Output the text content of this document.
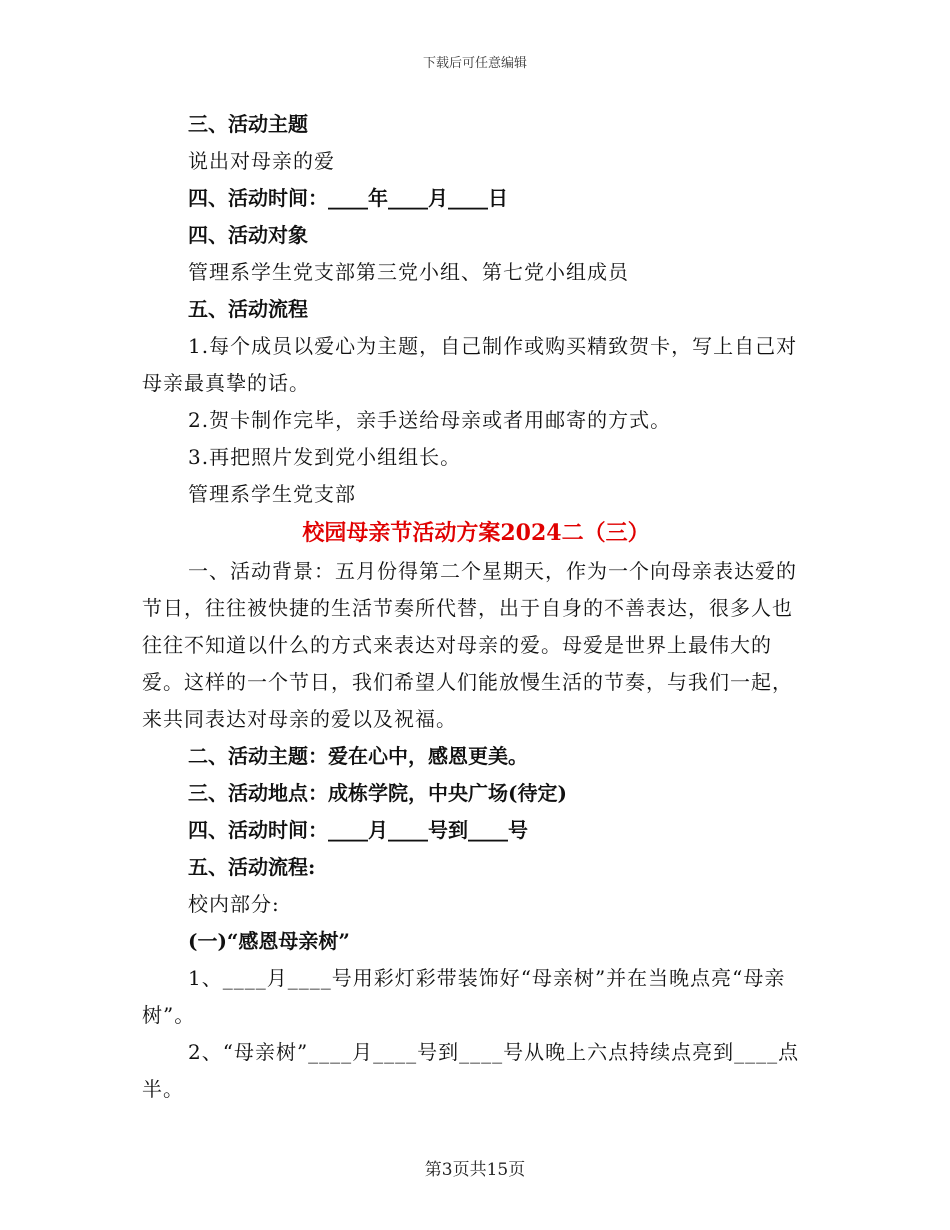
下载后可任意编辑

三、活动主题

说出对母亲的爱

四、活动时间：____年____月____日

四、活动对象

管理系学生党支部第三党小组、第七党小组成员

五、活动流程

1.每个成员以爱心为主题，自己制作或购买精致贺卡，写上自己对母亲最真挚的话。

2.贺卡制作完毕，亲手送给母亲或者用邮寄的方式。

3.再把照片发到党小组组长。

管理系学生党支部

校园母亲节活动方案2024二（三）

一、活动背景：五月份得第二个星期天，作为一个向母亲表达爱的节日，往往被快捷的生活节奏所代替，出于自身的不善表达，很多人也往往不知道以什么的方式来表达对母亲的爱。母爱是世界上最伟大的爱。这样的一个节日，我们希望人们能放慢生活的节奏，与我们一起，来共同表达对母亲的爱以及祝福。

二、活动主题：爱在心中，感恩更美。

三、活动地点：成栋学院，中央广场(待定)

四、活动时间：____月____号到____号

五、活动流程:

校内部分:

(一)“感恩母亲树”

1、____月____号用彩灯彩带装饰好“母亲树”并在当晚点亮“母亲树”。

2、“母亲树”____月____号到____号从晚上六点持续点亮到____点半。

第3页共15页
